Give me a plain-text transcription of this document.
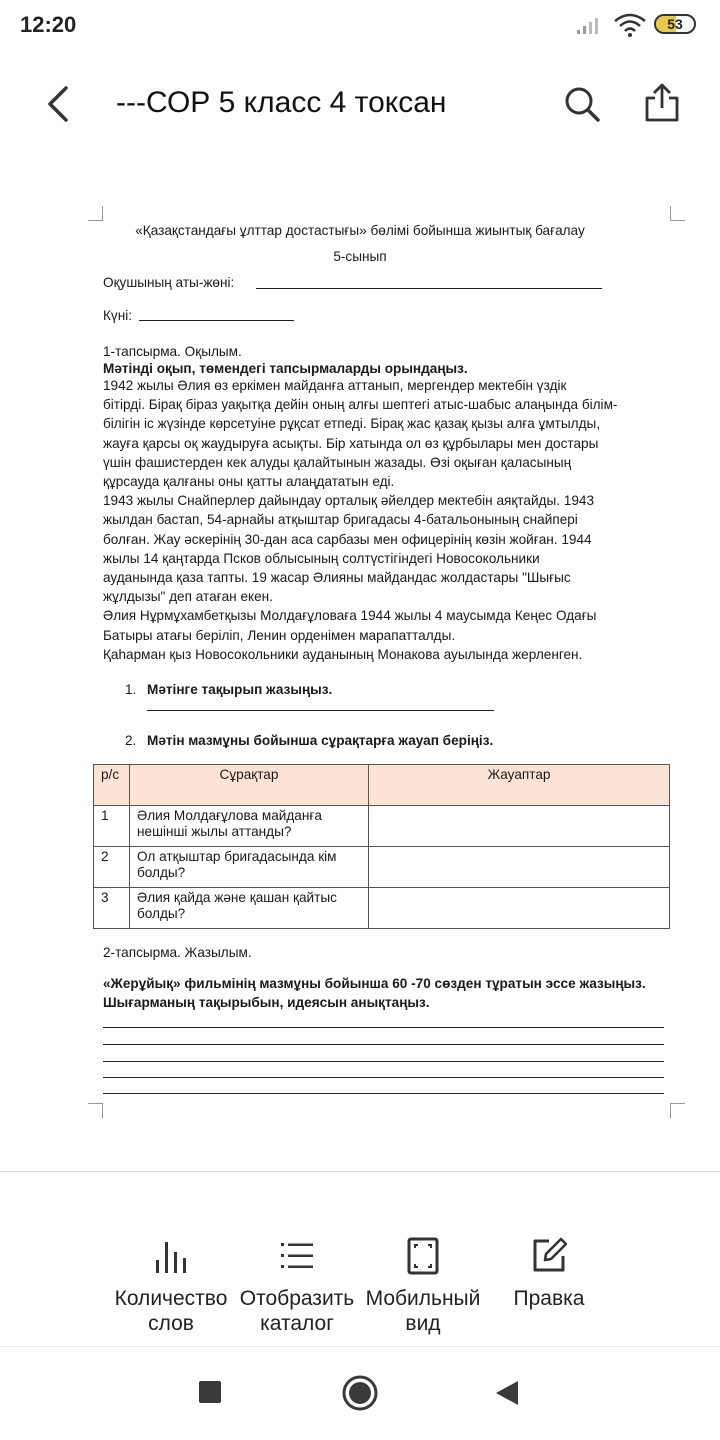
12:20	53
---СОР 5 класс 4 токсан
«Қазақстандағы ұлттар достастығы» бөлімі бойынша жиынтық бағалау
5-сынып
Оқушының аты-жөні:
Күні:
1-тапсырма. Оқылым.
Мәтінді оқып, төмендегі тапсырмаларды орындаңыз.

1942 жылы Әлия өз еркімен майданға аттанып, мергендер мектебін үздік

бітірді. Бірақ біраз уақытқа дейін оның алғы шептегі атыс-шабыс алаңында білім-

білігін іс жүзінде көрсетуіне рұқсат етпеді. Бірақ жас қазақ қызы алға ұмтылды,

жауға қарсы оқ жаудыруға асықты. Бір хатында ол өз құрбылары мен достары

үшін фашистерден кек алуды қалайтынын жазады. Өзі оқыған қаласының

құрсауда қалғаны оны қатты алаңдататын еді.

1943 жылы Снайперлер дайындау орталық әйелдер мектебін аяқтайды. 1943

жылдан бастап, 54-арнайы атқыштар бригадасы 4-батальонының снайпері

болған. Жау әскерінің 30-дан аса сарбазы мен офицерінің көзін жойған. 1944

жылы 14 қаңтарда Псков облысының солтүстігіндегі Новосокольники

ауданында қаза тапты. 19 жасар Әлияны майдандас жолдастары "Шығыс

жұлдызы" деп атаған екен.

Әлия Нұрмұхамбетқызы Молдағұловаға 1944 жылы 4 маусымда Кеңес Одағы

Батыры атағы беріліп, Ленин орденімен марапатталды.

Қаһарман қыз Новосокольники ауданының Монакова ауылында жерленген.

1. Мәтінге тақырып жазыңыз.
2. Мәтін мазмұны бойынша сұрақтарға жауап беріңіз.
р/с	Сұрақтар	Жауаптар
1	Әлия Молдағұлова майданға
нешінші жылы аттанды?	
2	Ол атқыштар бригадасында кім
болды?	
3	Әлия қайда және қашан қайтыс
болды?	
2-тапсырма. Жазылым.
«Жерұйық» фильмінің мазмұны бойынша 60 -70 сөзден тұратын эссе жазыңыз.
Шығарманың тақырыбын, идеясын анықтаңыз.
Количество
слов
Отобразить
каталог
Мобильный
вид
Правка
